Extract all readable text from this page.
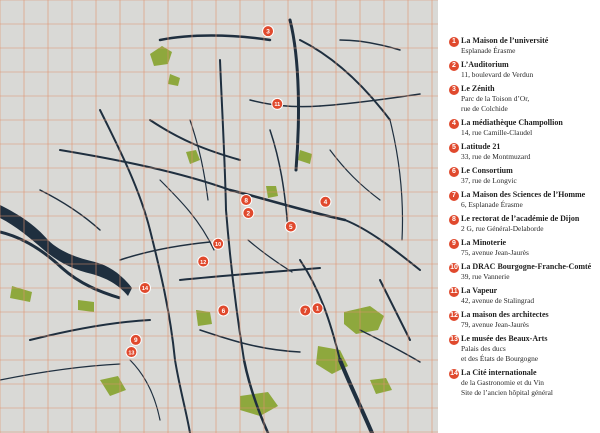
1
2
3
4
5
6	7
8
9
10
11
12
13
14
1 La Maison de l’université
Esplanade Érasme
2 L’Auditorium
11, boulevard de Verdun
3 Le Zénith
Parc de la Toison d’Or,
rue de Colchide
4 La médiathèque Champollion
14, rue Camille-Claudel
5 Latitude 21
33, rue de Montmuzard
6 Le Consortium
37, rue de Longvic
7 La Maison des Sciences de l’Homme
6, Esplanade Érasme
8 Le rectorat de l’académie de Dijon
2 G, rue Général-Delaborde
9 La Minoterie
75, avenue Jean-Jaurès
10 La DRAC Bourgogne-Franche-Comté
39, rue Vannerie
11 La Vapeur
42, avenue de Stalingrad
12 La maison des architectes
79, avenue Jean-Jaurès
13 Le musée des Beaux-Arts
Palais des ducs
et des États de Bourgogne
14 La Cité internationale
de la Gastronomie et du Vin
Site de l’ancien hôpital général
